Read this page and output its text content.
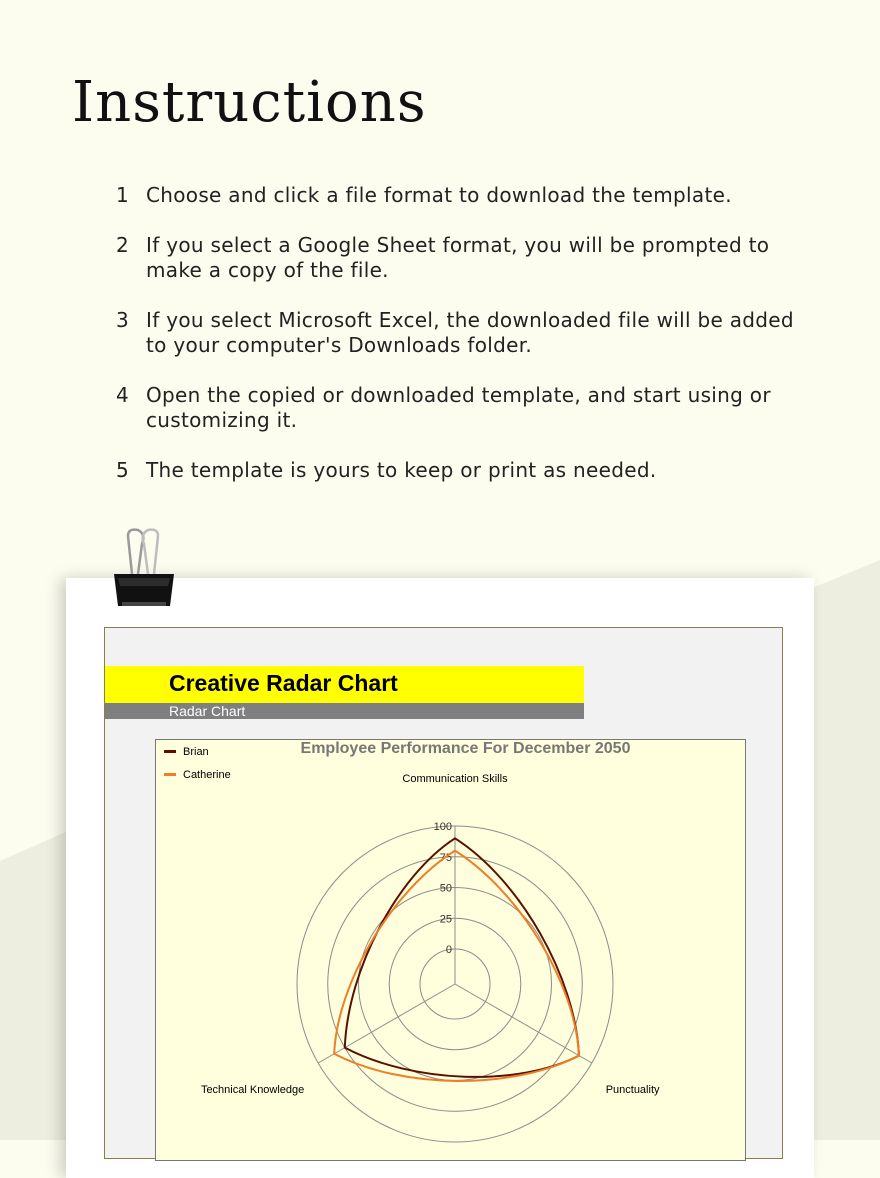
Instructions
1 Choose and click a file format to download the template.
2 If you select a Google Sheet format, you will be prompted to make a copy of the file.
3 If you select Microsoft Excel, the downloaded file will be added to your computer's Downloads folder.
4 Open the copied or downloaded template, and start using or customizing it.
5 The template is yours to keep or print as needed.
Creative Radar Chart
Radar Chart
Employee Performance For December 2050
Brian
Catherine
0
25
50
75
100
Communication Skills
Punctuality
Technical Knowledge
